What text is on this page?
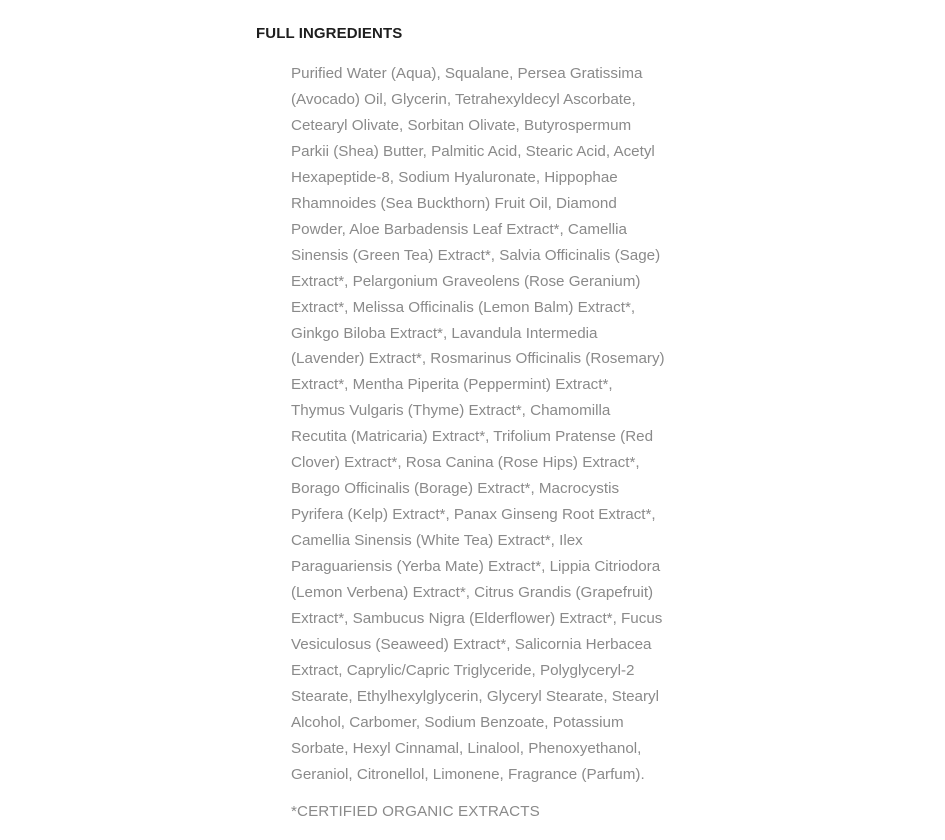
FULL INGREDIENTS

Purified Water (Aqua), Squalane, Persea Gratissima
(Avocado) Oil, Glycerin, Tetrahexyldecyl Ascorbate,
Cetearyl Olivate, Sorbitan Olivate, Butyrospermum
Parkii (Shea) Butter, Palmitic Acid, Stearic Acid, Acetyl
Hexapeptide-8, Sodium Hyaluronate, Hippophae
Rhamnoides (Sea Buckthorn) Fruit Oil, Diamond
Powder, Aloe Barbadensis Leaf Extract*, Camellia
Sinensis (Green Tea) Extract*, Salvia Officinalis (Sage)
Extract*, Pelargonium Graveolens (Rose Geranium)
Extract*, Melissa Officinalis (Lemon Balm) Extract*,
Ginkgo Biloba Extract*, Lavandula Intermedia
(Lavender) Extract*, Rosmarinus Officinalis (Rosemary)
Extract*, Mentha Piperita (Peppermint) Extract*,
Thymus Vulgaris (Thyme) Extract*, Chamomilla
Recutita (Matricaria) Extract*, Trifolium Pratense (Red
Clover) Extract*, Rosa Canina (Rose Hips) Extract*,
Borago Officinalis (Borage) Extract*, Macrocystis
Pyrifera (Kelp) Extract*, Panax Ginseng Root Extract*,
Camellia Sinensis (White Tea) Extract*, Ilex
Paraguariensis (Yerba Mate) Extract*, Lippia Citriodora
(Lemon Verbena) Extract*, Citrus Grandis (Grapefruit)
Extract*, Sambucus Nigra (Elderflower) Extract*, Fucus
Vesiculosus (Seaweed) Extract*, Salicornia Herbacea
Extract, Caprylic/Capric Triglyceride, Polyglyceryl-2
Stearate, Ethylhexylglycerin, Glyceryl Stearate, Stearyl
Alcohol, Carbomer, Sodium Benzoate, Potassium
Sorbate, Hexyl Cinnamal, Linalool, Phenoxyethanol,
Geraniol, Citronellol, Limonene, Fragrance (Parfum).

*CERTIFIED ORGANIC EXTRACTS
